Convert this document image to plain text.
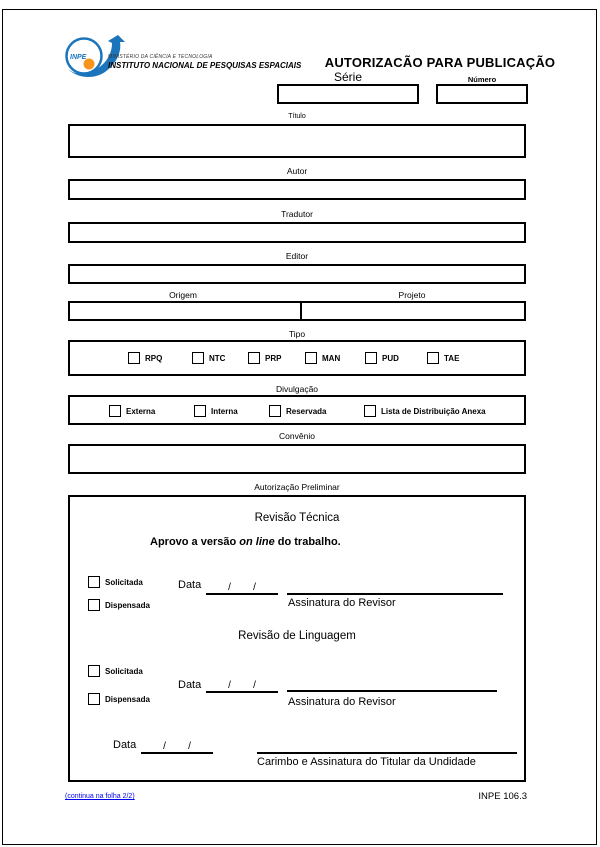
INPE	MINISTÉRIO DA CIÊNCIA E TECNOLOGIA
INSTITUTO NACIONAL DE PESQUISAS ESPACIAIS	AUTORIZACÃO PARA PUBLICAÇÃO
Série	Número
Título
Autor
Tradutor
Editor
Origem	Projeto
Tipo
RPQ	NTC	PRP	MAN	PUD	TAE
Divulgação
Externa	Interna	Reservada	Lista de Distribuição Anexa
Convênio
Autorização Preliminar
Revisão Técnica
Aprovo a versão on line do trabalho.
Solicitada
Dispensada
Data	/ /
Assinatura do Revisor
Revisão de Linguagem
Solicitada
Dispensada
Data	/ /
Assinatura do Revisor
Data	/ /
Carimbo e Assinatura do Titular da Undidade
(continua na folha 2/2)	INPE 106.3
